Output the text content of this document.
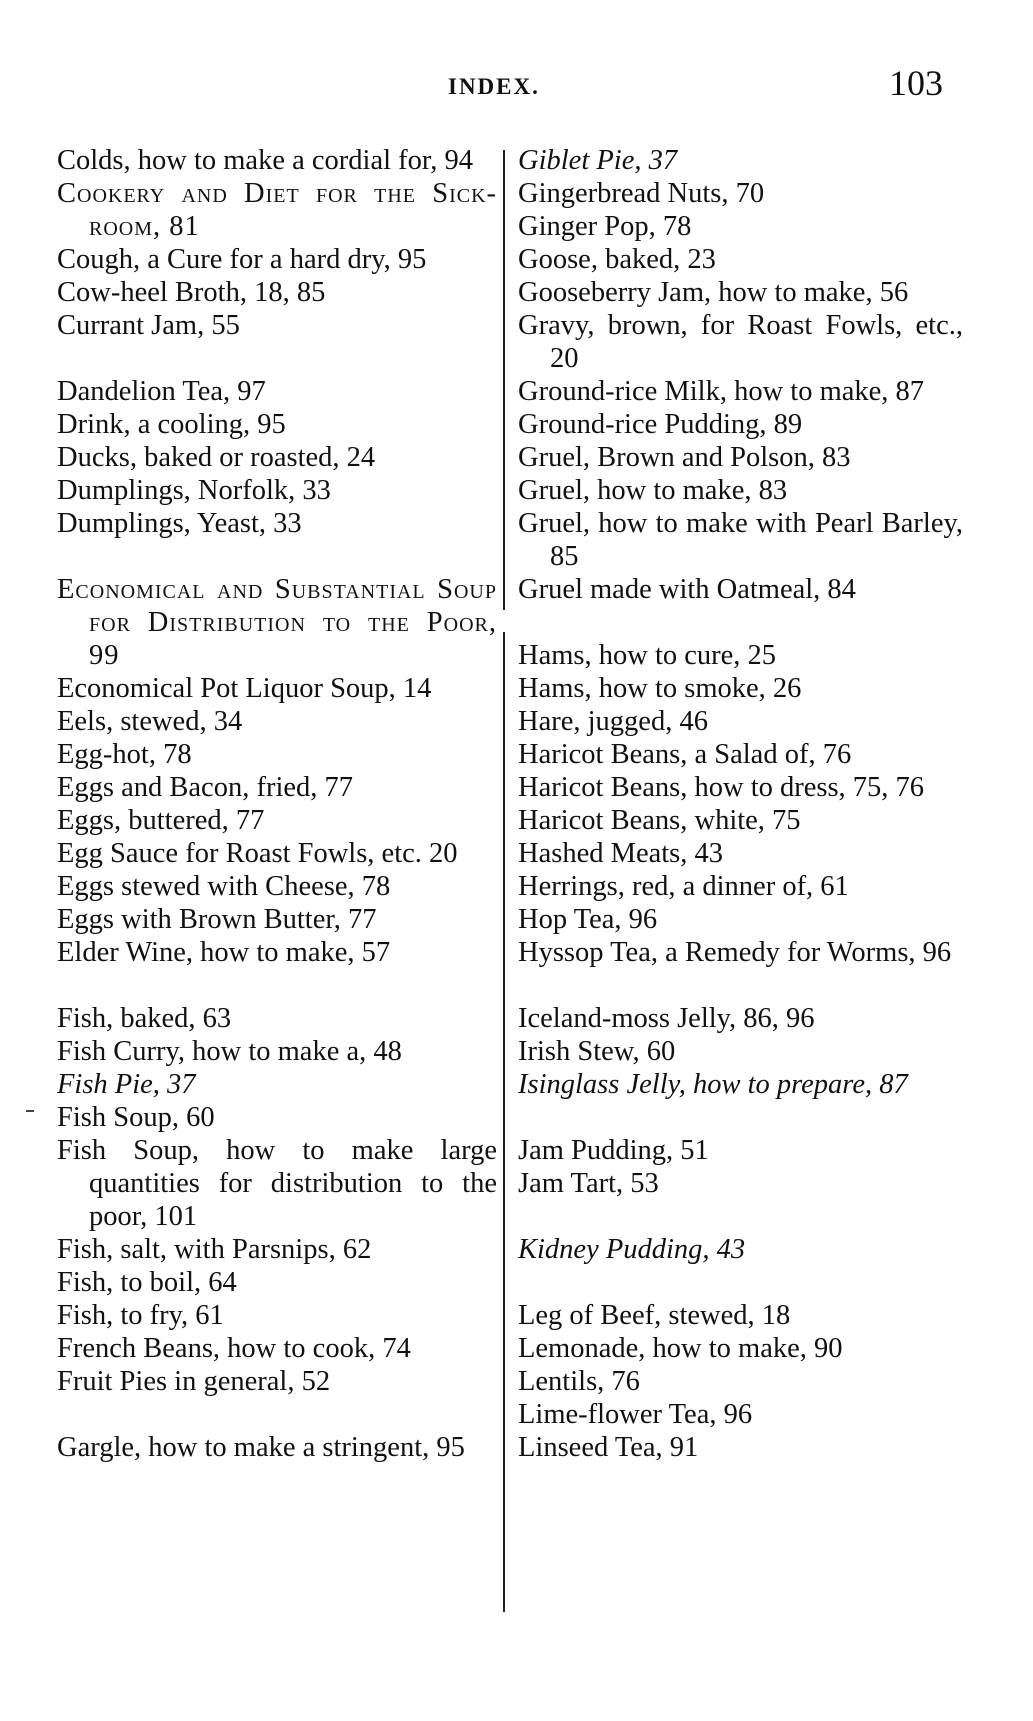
INDEX.	103
Colds, how to make a cordial for, 94
Cookery and Diet for the Sick-room, 81
Cough, a Cure for a hard dry, 95
Cow-heel Broth, 18, 85
Currant Jam, 55
Dandelion Tea, 97
Drink, a cooling, 95
Ducks, baked or roasted, 24
Dumplings, Norfolk, 33
Dumplings, Yeast, 33
Economical and Substantial Soup for Distribution to the Poor, 99
Economical Pot Liquor Soup, 14
Eels, stewed, 34
Egg-hot, 78
Eggs and Bacon, fried, 77
Eggs, buttered, 77
Egg Sauce for Roast Fowls, etc. 20
Eggs stewed with Cheese, 78
Eggs with Brown Butter, 77
Elder Wine, how to make, 57
Fish, baked, 63
Fish Curry, how to make a, 48
Fish Pie, 37
Fish Soup, 60
Fish Soup, how to make large quantities for distribution to the poor, 101
Fish, salt, with Parsnips, 62
Fish, to boil, 64
Fish, to fry, 61
French Beans, how to cook, 74
Fruit Pies in general, 52
Gargle, how to make a stringent, 95
Giblet Pie, 37
Gingerbread Nuts, 70
Ginger Pop, 78
Goose, baked, 23
Gooseberry Jam, how to make, 56
Gravy, brown, for Roast Fowls, etc., 20
Ground-rice Milk, how to make, 87
Ground-rice Pudding, 89
Gruel, Brown and Polson, 83
Gruel, how to make, 83
Gruel, how to make with Pearl Barley, 85
Gruel made with Oatmeal, 84
Hams, how to cure, 25
Hams, how to smoke, 26
Hare, jugged, 46
Haricot Beans, a Salad of, 76
Haricot Beans, how to dress, 75, 76
Haricot Beans, white, 75
Hashed Meats, 43
Herrings, red, a dinner of, 61
Hop Tea, 96
Hyssop Tea, a Remedy for Worms, 96
Iceland-moss Jelly, 86, 96
Irish Stew, 60
Isinglass Jelly, how to prepare, 87
Jam Pudding, 51
Jam Tart, 53
Kidney Pudding, 43
Leg of Beef, stewed, 18
Lemonade, how to make, 90
Lentils, 76
Lime-flower Tea, 96
Linseed Tea, 91
